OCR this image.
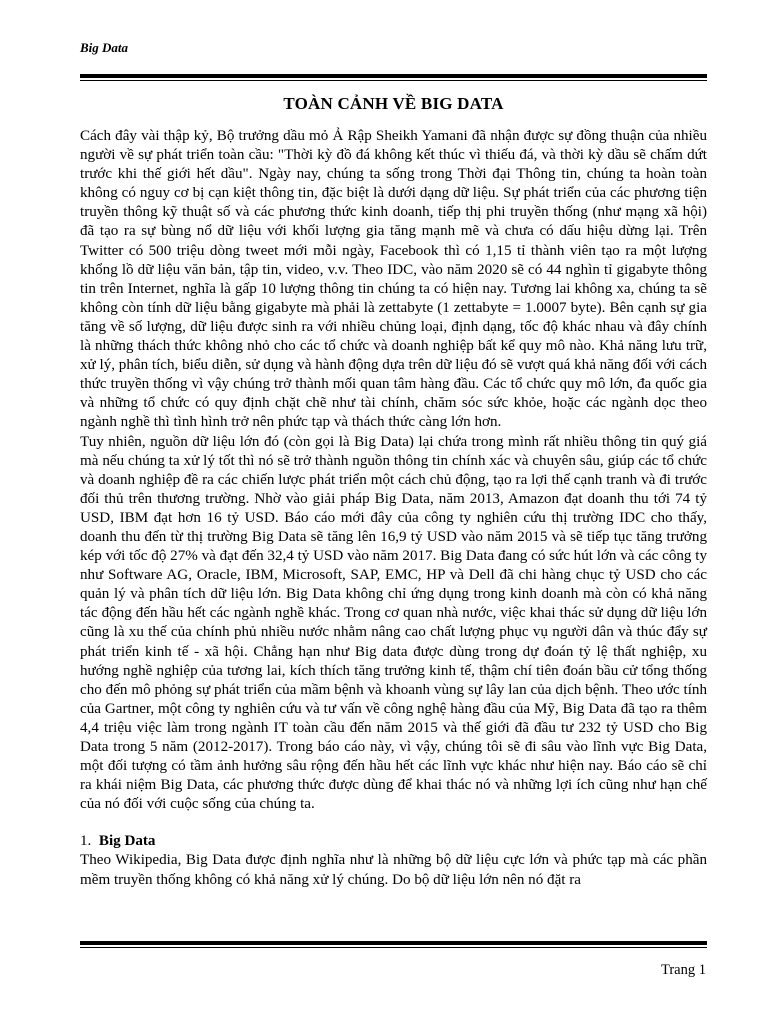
Big Data
TOÀN CẢNH VỀ BIG DATA

Cách đây vài thập kỷ, Bộ trưởng dầu mỏ Ả Rập Sheikh Yamani đã nhận được sự đồng thuận của nhiều người về sự phát triển toàn cầu: "Thời kỳ đồ đá không kết thúc vì thiếu đá, và thời kỳ dầu sẽ chấm dứt trước khi thế giới hết dầu". Ngày nay, chúng ta sống trong Thời đại Thông tin, chúng ta hoàn toàn không có nguy cơ bị cạn kiệt thông tin, đặc biệt là dưới dạng dữ liệu. Sự phát triển của các phương tiện truyền thông kỹ thuật số và các phương thức kinh doanh, tiếp thị phi truyền thống (như mạng xã hội) đã tạo ra sự bùng nổ dữ liệu với khối lượng gia tăng mạnh mẽ và chưa có dấu hiệu dừng lại. Trên Twitter có 500 triệu dòng tweet mới mỗi ngày, Facebook thì có 1,15 tỉ thành viên tạo ra một lượng khổng lồ dữ liệu văn bản, tập tin, video, v.v. Theo IDC, vào năm 2020 sẽ có 44 nghìn tỉ gigabyte thông tin trên Internet, nghĩa là gấp 10 lượng thông tin chúng ta có hiện nay. Tương lai không xa, chúng ta sẽ không còn tính dữ liệu bằng gigabyte mà phải là zettabyte (1 zettabyte = 1.0007 byte). Bên cạnh sự gia tăng về số lượng, dữ liệu được sinh ra với nhiều chủng loại, định dạng, tốc độ khác nhau và đây chính là những thách thức không nhỏ cho các tổ chức và doanh nghiệp bất kể quy mô nào. Khả năng lưu trữ, xử lý, phân tích, biểu diễn, sử dụng và hành động dựa trên dữ liệu đó sẽ vượt quá khả năng đối với cách thức truyền thống vì vậy chúng trở thành mối quan tâm hàng đầu. Các tổ chức quy mô lớn, đa quốc gia và những tổ chức có quy định chặt chẽ như tài chính, chăm sóc sức khỏe, hoặc các ngành dọc theo ngành nghề thì tình hình trở nên phức tạp và thách thức càng lớn hơn.

Tuy nhiên, nguồn dữ liệu lớn đó (còn gọi là Big Data) lại chứa trong mình rất nhiều thông tin quý giá mà nếu chúng ta xử lý tốt thì nó sẽ trở thành nguồn thông tin chính xác và chuyên sâu, giúp các tổ chức và doanh nghiệp đề ra các chiến lược phát triển một cách chủ động, tạo ra lợi thế cạnh tranh và đi trước đối thủ trên thương trường. Nhờ vào giải pháp Big Data, năm 2013, Amazon đạt doanh thu tới 74 tỷ USD, IBM đạt hơn 16 tỷ USD. Báo cáo mới đây của công ty nghiên cứu thị trường IDC cho thấy, doanh thu đến từ thị trường Big Data sẽ tăng lên 16,9 tỷ USD vào năm 2015 và sẽ tiếp tục tăng trưởng kép với tốc độ 27% và đạt đến 32,4 tỷ USD vào năm 2017. Big Data đang có sức hút lớn và các công ty như Software AG, Oracle, IBM, Microsoft, SAP, EMC, HP và Dell đã chi hàng chục tỷ USD cho các quản lý và phân tích dữ liệu lớn. Big Data không chỉ ứng dụng trong kinh doanh mà còn có khả năng tác động đến hầu hết các ngành nghề khác. Trong cơ quan nhà nước, việc khai thác sử dụng dữ liệu lớn cũng là xu thế của chính phủ nhiều nước nhằm nâng cao chất lượng phục vụ người dân và thúc đẩy sự phát triển kinh tế - xã hội. Chẳng hạn như Big data được dùng trong dự đoán tỷ lệ thất nghiệp, xu hướng nghề nghiệp của tương lai, kích thích tăng trưởng kinh tế, thậm chí tiên đoán bầu cử tổng thống cho đến mô phỏng sự phát triển của mầm bệnh và khoanh vùng sự lây lan của dịch bệnh. Theo ước tính của Gartner, một công ty nghiên cứu và tư vấn về công nghệ hàng đầu của Mỹ, Big Data đã tạo ra thêm 4,4 triệu việc làm trong ngành IT toàn cầu đến năm 2015 và thế giới đã đầu tư 232 tỷ USD cho Big Data trong 5 năm (2012-2017). Trong báo cáo này, vì vậy, chúng tôi sẽ đi sâu vào lĩnh vực Big Data, một đối tượng có tầm ảnh hưởng sâu rộng đến hầu hết các lĩnh vực khác như hiện nay. Báo cáo sẽ chỉ ra khái niệm Big Data, các phương thức được dùng để khai thác nó và những lợi ích cũng như hạn chế của nó đối với cuộc sống của chúng ta.

1. Big Data

Theo Wikipedia, Big Data được định nghĩa như là những bộ dữ liệu cực lớn và phức tạp mà các phần mềm truyền thống không có khả năng xử lý chúng. Do bộ dữ liệu lớn nên nó đặt ra

Trang 1
